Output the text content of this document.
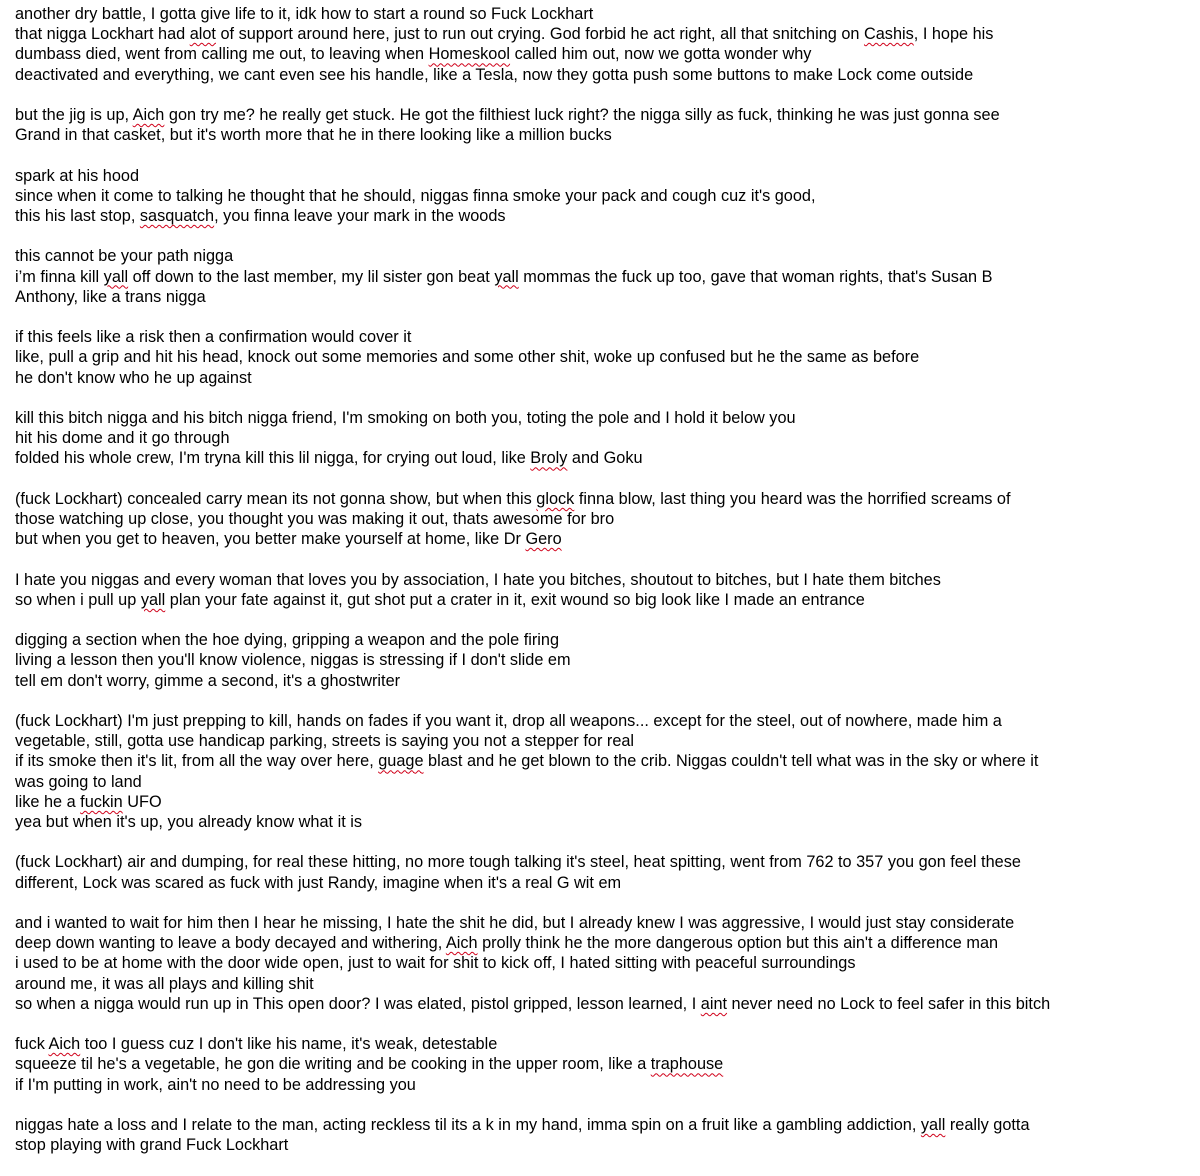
another dry battle, I gotta give life to it, idk how to start a round so Fuck Lockhart
that nigga Lockhart had alot of support around here, just to run out crying. God forbid he act right, all that snitching on Cashis, I hope his
dumbass died, went from calling me out, to leaving when Homeskool called him out, now we gotta wonder why
deactivated and everything, we cant even see his handle, like a Tesla, now they gotta push some buttons to make Lock come outside
but the jig is up, Aich gon try me? he really get stuck. He got the filthiest luck right? the nigga silly as fuck, thinking he was just gonna see
Grand in that casket, but it's worth more that he in there looking like a million bucks
spark at his hood
since when it come to talking he thought that he should, niggas finna smoke your pack and cough cuz it's good,
this his last stop, sasquatch, you finna leave your mark in the woods
this cannot be your path nigga
i’m finna kill yall off down to the last member, my lil sister gon beat yall mommas the fuck up too, gave that woman rights, that's Susan B
Anthony, like a trans nigga
if this feels like a risk then a confirmation would cover it
like, pull a grip and hit his head, knock out some memories and some other shit, woke up confused but he the same as before
he don't know who he up against
kill this bitch nigga and his bitch nigga friend, I'm smoking on both you, toting the pole and I hold it below you
hit his dome and it go through
folded his whole crew, I'm tryna kill this lil nigga, for crying out loud, like Broly and Goku
(fuck Lockhart) concealed carry mean its not gonna show, but when this glock finna blow, last thing you heard was the horrified screams of
those watching up close, you thought you was making it out, thats awesome for bro
but when you get to heaven, you better make yourself at home, like Dr Gero
I hate you niggas and every woman that loves you by association, I hate you bitches, shoutout to bitches, but I hate them bitches
so when i pull up yall plan your fate against it, gut shot put a crater in it, exit wound so big look like I made an entrance
digging a section when the hoe dying, gripping a weapon and the pole firing
living a lesson then you'll know violence, niggas is stressing if I don't slide em
tell em don't worry, gimme a second, it's a ghostwriter
(fuck Lockhart) I'm just prepping to kill, hands on fades if you want it, drop all weapons... except for the steel, out of nowhere, made him a
vegetable, still, gotta use handicap parking, streets is saying you not a stepper for real
if its smoke then it's lit, from all the way over here, guage blast and he get blown to the crib. Niggas couldn't tell what was in the sky or where it
was going to land
like he a fuckin UFO
yea but when it's up, you already know what it is
(fuck Lockhart) air and dumping, for real these hitting, no more tough talking it's steel, heat spitting, went from 762 to 357 you gon feel these
different, Lock was scared as fuck with just Randy, imagine when it's a real G wit em
and i wanted to wait for him then I hear he missing, I hate the shit he did, but I already knew I was aggressive, I would just stay considerate
deep down wanting to leave a body decayed and withering, Aich prolly think he the more dangerous option but this ain't a difference man
i used to be at home with the door wide open, just to wait for shit to kick off, I hated sitting with peaceful surroundings
around me, it was all plays and killing shit
so when a nigga would run up in This open door? I was elated, pistol gripped, lesson learned, I aint never need no Lock to feel safer in this bitch
fuck Aich too I guess cuz I don't like his name, it's weak, detestable
squeeze til he's a vegetable, he gon die writing and be cooking in the upper room, like a traphouse
if I'm putting in work, ain't no need to be addressing you
niggas hate a loss and I relate to the man, acting reckless til its a k in my hand, imma spin on a fruit like a gambling addiction, yall really gotta
stop playing with grand Fuck Lockhart
